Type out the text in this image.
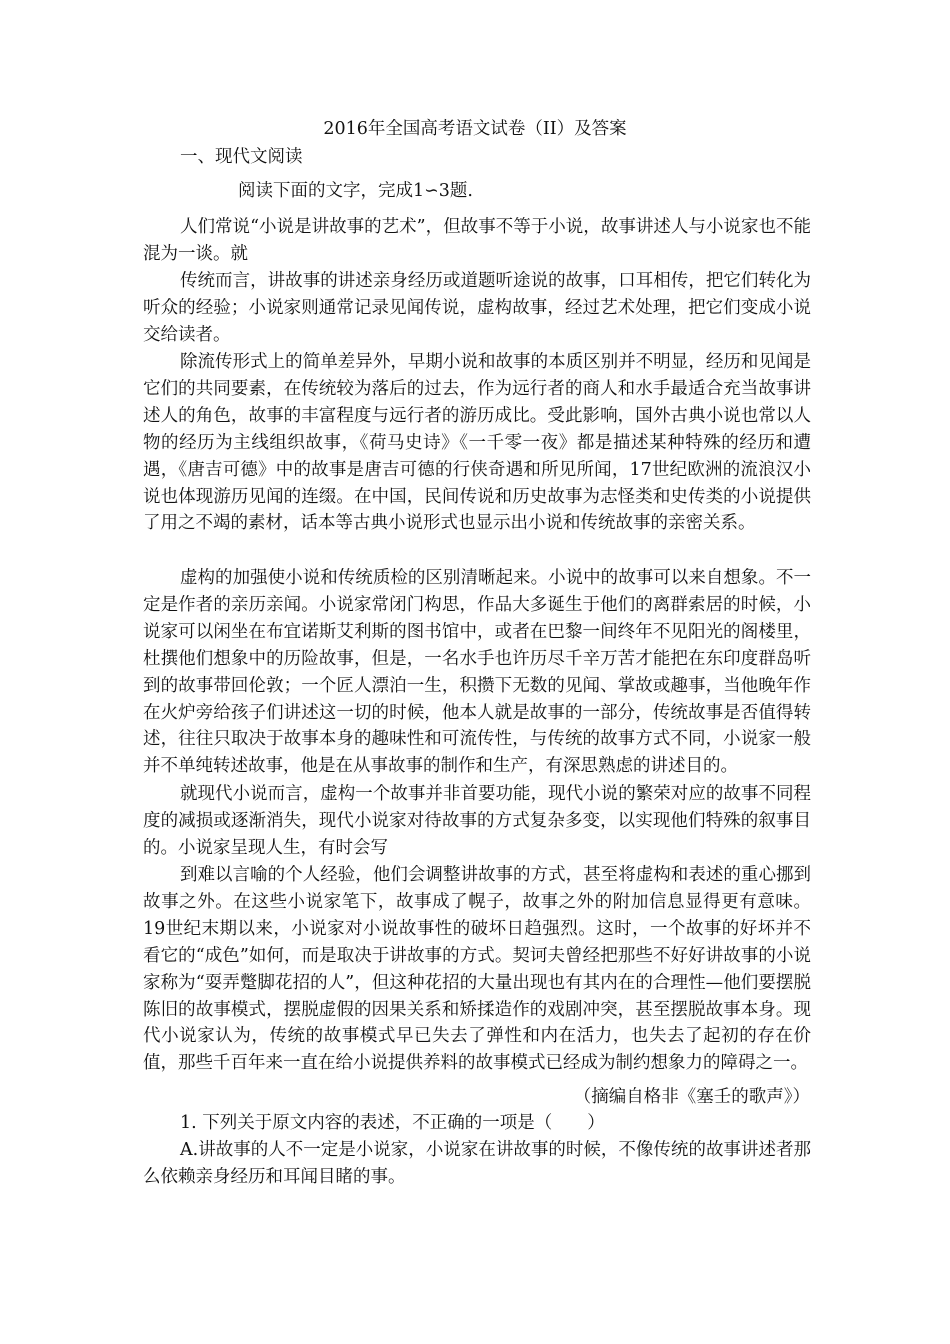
2016年全国高考语文试卷（II）及答案
一、现代文阅读
阅读下面的文字，完成1∽3题.

人们常说“小说是讲故事的艺术”，但故事不等于小说，故事讲述人与小说家也不能混为一谈。就

传统而言，讲故事的讲述亲身经历或道题听途说的故事，口耳相传，把它们转化为听众的经验；小说家则通常记录见闻传说，虚构故事，经过艺术处理，把它们变成小说交给读者。

除流传形式上的简单差异外，早期小说和故事的本质区别并不明显，经历和见闻是它们的共同要素，在传统较为落后的过去，作为远行者的商人和水手最适合充当故事讲述人的角色，故事的丰富程度与远行者的游历成比。受此影响，国外古典小说也常以人物的经历为主线组织故事，《荷马史诗》《一千零一夜》都是描述某种特殊的经历和遭遇，《唐吉可德》中的故事是唐吉可德的行侠奇遇和所见所闻，17世纪欧洲的流浪汉小说也体现游历见闻的连缀。在中国，民间传说和历史故事为志怪类和史传类的小说提供了用之不竭的素材，话本等古典小说形式也显示出小说和传统故事的亲密关系。

虚构的加强使小说和传统质检的区别清晰起来。小说中的故事可以来自想象。不一定是作者的亲历亲闻。小说家常闭门构思，作品大多诞生于他们的离群索居的时候，小说家可以闲坐在布宜诺斯艾利斯的图书馆中，或者在巴黎一间终年不见阳光的阁楼里，杜撰他们想象中的历险故事，但是，一名水手也许历尽千辛万苦才能把在东印度群岛听到的故事带回伦敦；一个匠人漂泊一生，积攒下无数的见闻、掌故或趣事，当他晚年作在火炉旁给孩子们讲述这一切的时候，他本人就是故事的一部分，传统故事是否值得转述，往往只取决于故事本身的趣味性和可流传性，与传统的故事方式不同，小说家一般并不单纯转述故事，他是在从事故事的制作和生产，有深思熟虑的讲述目的。

就现代小说而言，虚构一个故事并非首要功能，现代小说的繁荣对应的故事不同程度的减损或逐渐消失，现代小说家对待故事的方式复杂多变，以实现他们特殊的叙事目的。小说家呈现人生，有时会写

到难以言喻的个人经验，他们会调整讲故事的方式，甚至将虚构和表述的重心挪到故事之外。在这些小说家笔下，故事成了幌子，故事之外的附加信息显得更有意味。19世纪末期以来，小说家对小说故事性的破坏日趋强烈。这时，一个故事的好坏并不看它的“成色”如何，而是取决于讲故事的方式。契诃夫曾经把那些不好好讲故事的小说家称为“耍弄蹩脚花招的人”，但这种花招的大量出现也有其内在的合理性—他们要摆脱陈旧的故事模式，摆脱虚假的因果关系和矫揉造作的戏剧冲突，甚至摆脱故事本身。现代小说家认为，传统的故事模式早已失去了弹性和内在活力，也失去了起初的存在价值，那些千百年来一直在给小说提供养料的故事模式已经成为制约想象力的障碍之一。

（摘编自格非《塞壬的歌声》）

1. 下列关于原文内容的表述，不正确的一项是（　　）

A.讲故事的人不一定是小说家，小说家在讲故事的时候，不像传统的故事讲述者那么依赖亲身经历和耳闻目睹的事。
